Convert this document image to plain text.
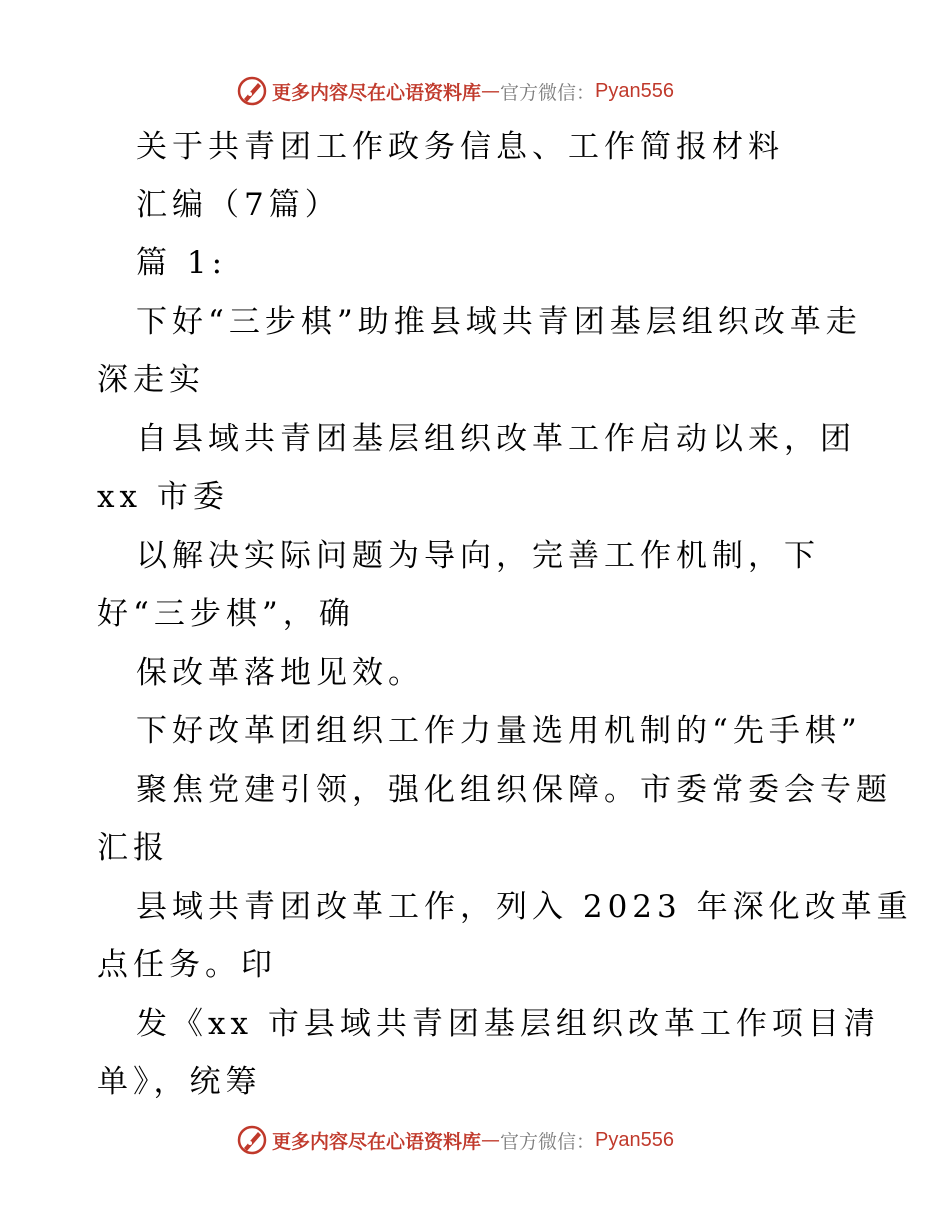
更多内容尽在心语资料库 — 官方微信： Pyan556
关于共青团工作政务信息、工作简报材料
汇编（7篇）
篇 1:
下好“三步棋”助推县域共青团基层组织改革走
深走实
自县域共青团基层组织改革工作启动以来，团
xx 市委
以解决实际问题为导向，完善工作机制，下
好“三步棋”，确
保改革落地见效。
下好改革团组织工作力量选用机制的“先手棋”
聚焦党建引领，强化组织保障。市委常委会专题
汇报
县域共青团改革工作，列入 2023 年深化改革重
点任务。印
发《xx 市县域共青团基层组织改革工作项目清
单》，统筹
更多内容尽在心语资料库 — 官方微信： Pyan556
